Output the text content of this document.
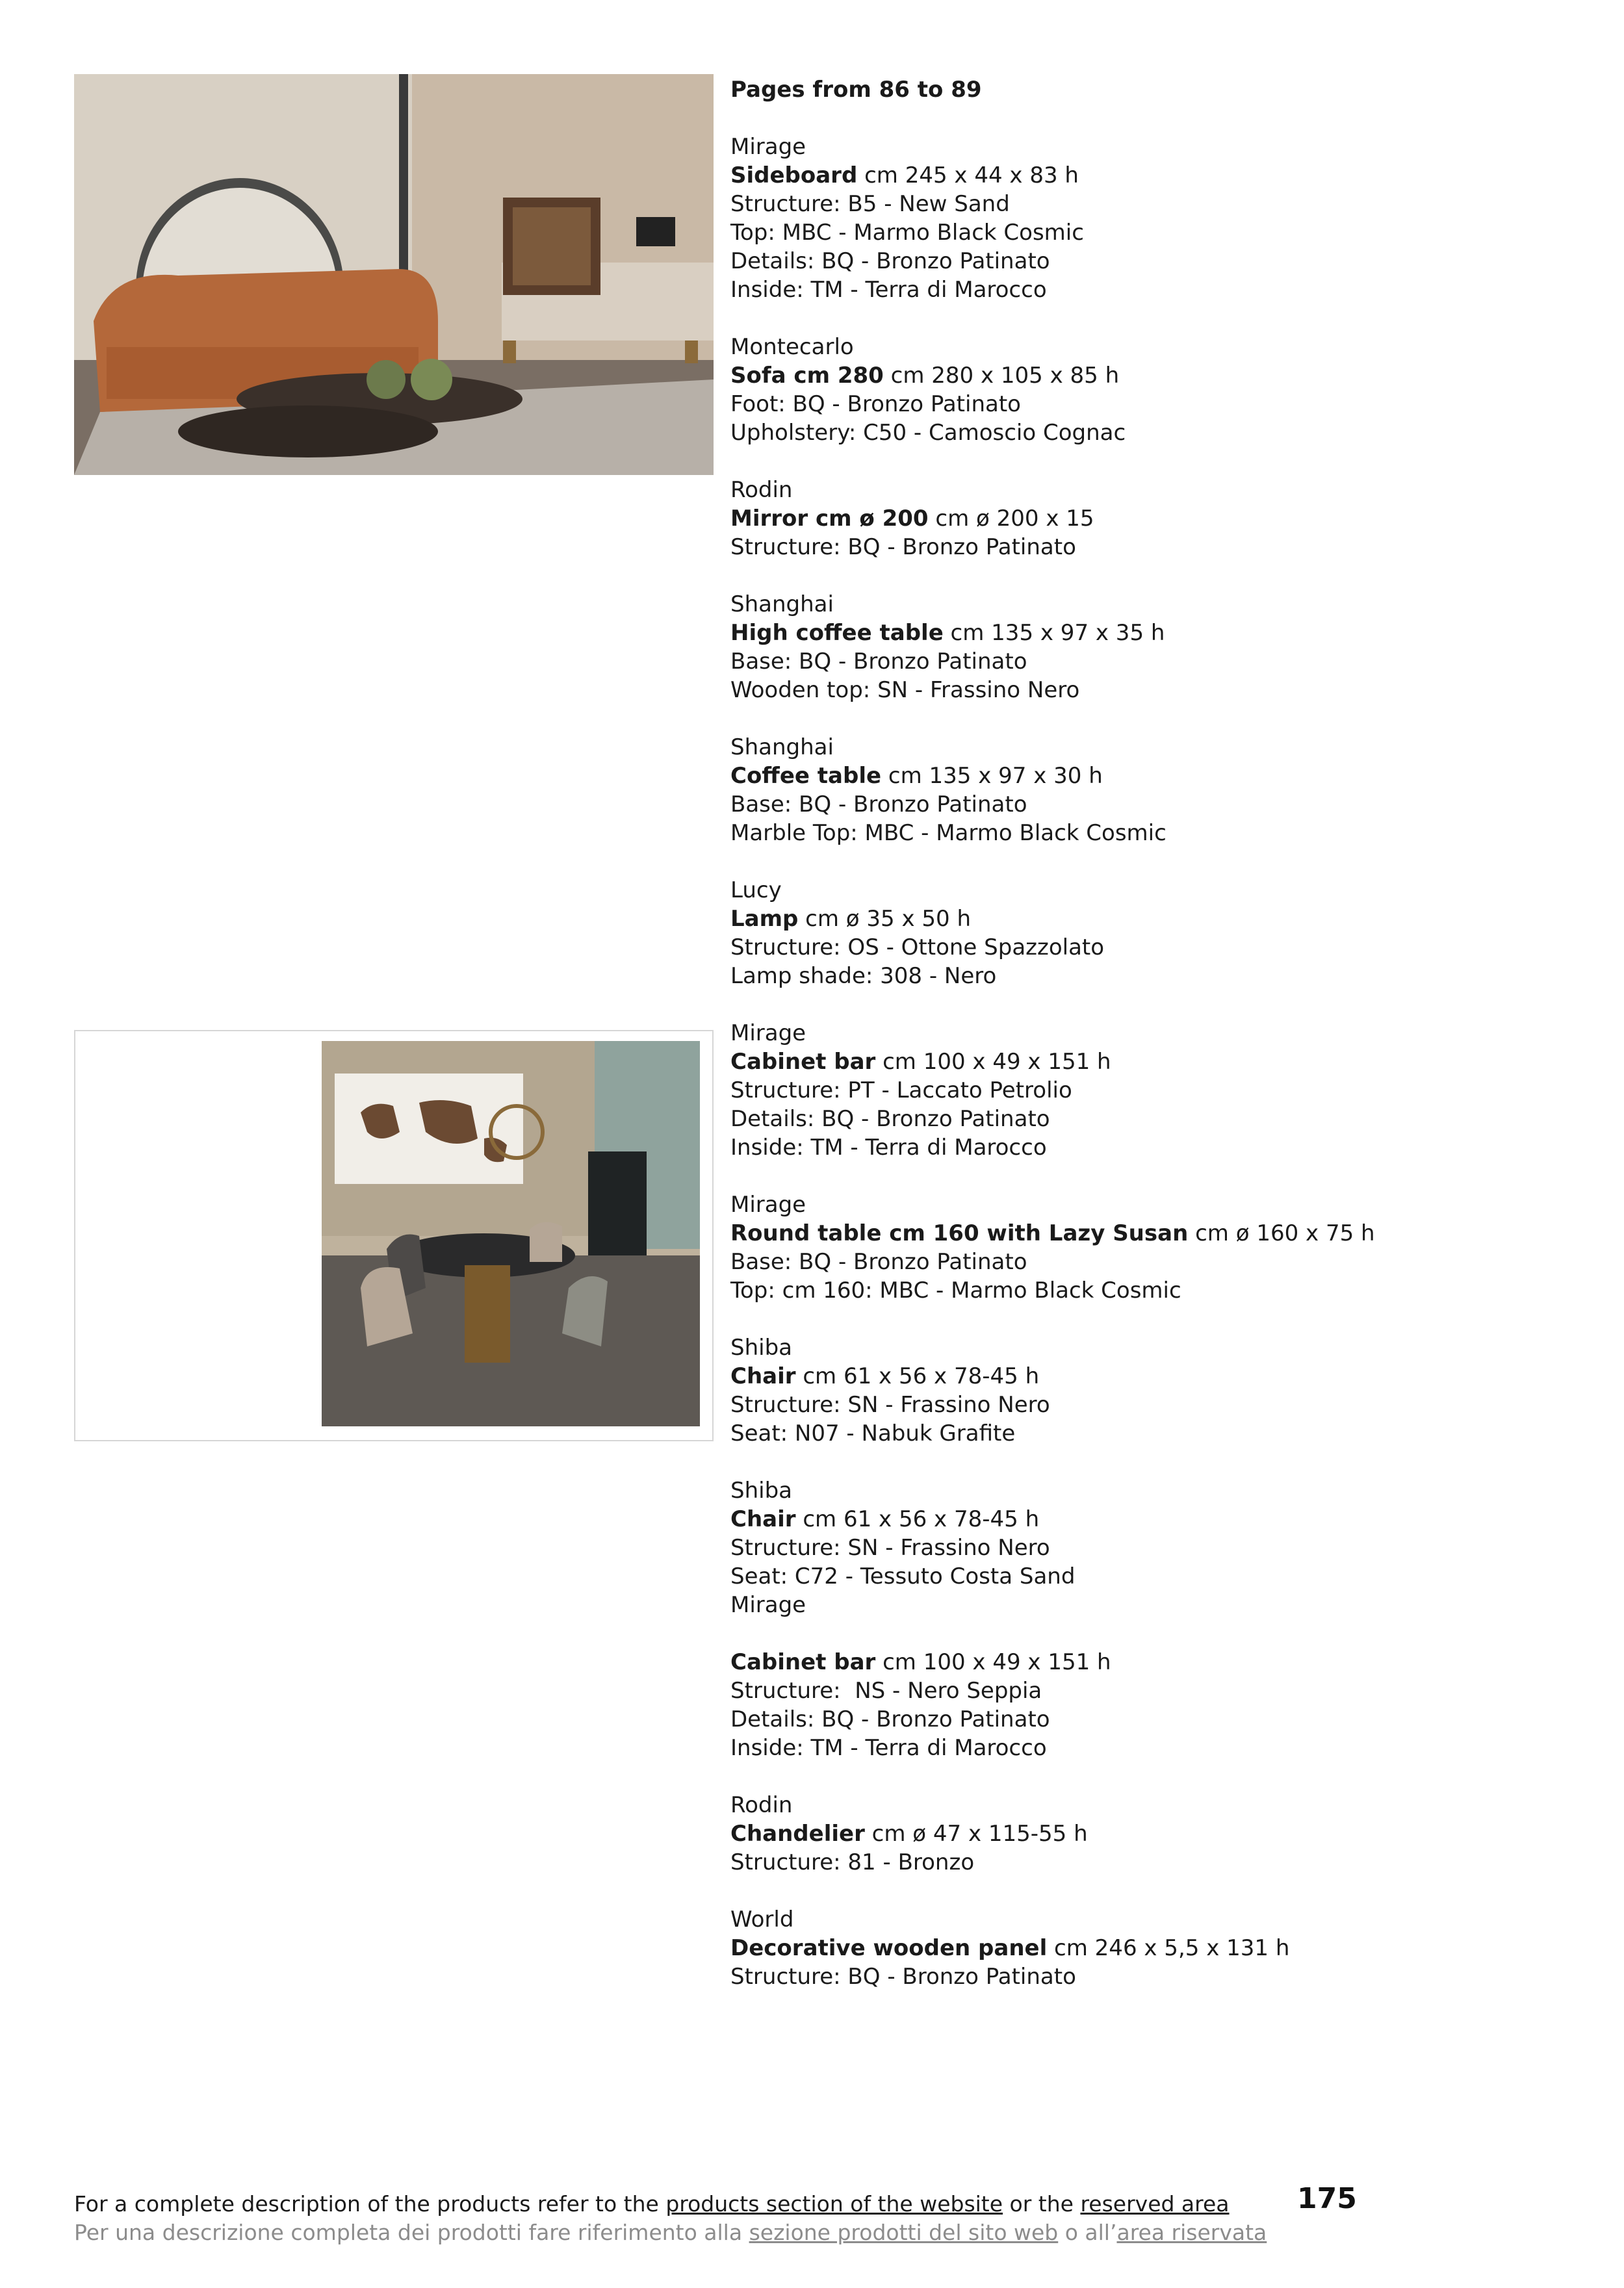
Pages from 86 to 89
Mirage
Sideboard cm 245 x 44 x 83 h
Structure: B5 - New Sand
Top: MBC - Marmo Black Cosmic
Details: BQ - Bronzo Patinato
Inside: TM - Terra di Marocco
Montecarlo
Sofa cm 280 cm 280 x 105 x 85 h
Foot: BQ - Bronzo Patinato
Upholstery: C50 - Camoscio Cognac
Rodin
Mirror cm ø 200 cm ø 200 x 15
Structure: BQ - Bronzo Patinato
Shanghai
High coffee table cm 135 x 97 x 35 h
Base: BQ - Bronzo Patinato
Wooden top: SN - Frassino Nero
Shanghai
Coffee table cm 135 x 97 x 30 h
Base: BQ - Bronzo Patinato
Marble Top: MBC - Marmo Black Cosmic
Lucy
Lamp cm ø 35 x 50 h
Structure: OS - Ottone Spazzolato
Lamp shade: 308 - Nero
Mirage
Cabinet bar cm 100 x 49 x 151 h
Structure: PT - Laccato Petrolio
Details: BQ - Bronzo Patinato
Inside: TM - Terra di Marocco
Mirage
Round table cm 160 with Lazy Susan cm ø 160 x 75 h
Base: BQ - Bronzo Patinato
Top: cm 160: MBC - Marmo Black Cosmic
Shiba
Chair cm 61 x 56 x 78-45 h
Structure: SN - Frassino Nero
Seat: N07 - Nabuk Grafite
Shiba
Chair cm 61 x 56 x 78-45 h
Structure: SN - Frassino Nero
Seat: C72 - Tessuto Costa Sand
Mirage
Cabinet bar cm 100 x 49 x 151 h
Structure:  NS - Nero Seppia
Details: BQ - Bronzo Patinato
Inside: TM - Terra di Marocco
Rodin
Chandelier cm ø 47 x 115-55 h
Structure: 81 - Bronzo
World
Decorative wooden panel cm 246 x 5,5 x 131 h
Structure: BQ - Bronzo Patinato
For a complete description of the products refer to the products section of the website or the reserved area
Per una descrizione completa dei prodotti fare riferimento alla sezione prodotti del sito web o all’area riservata
175
